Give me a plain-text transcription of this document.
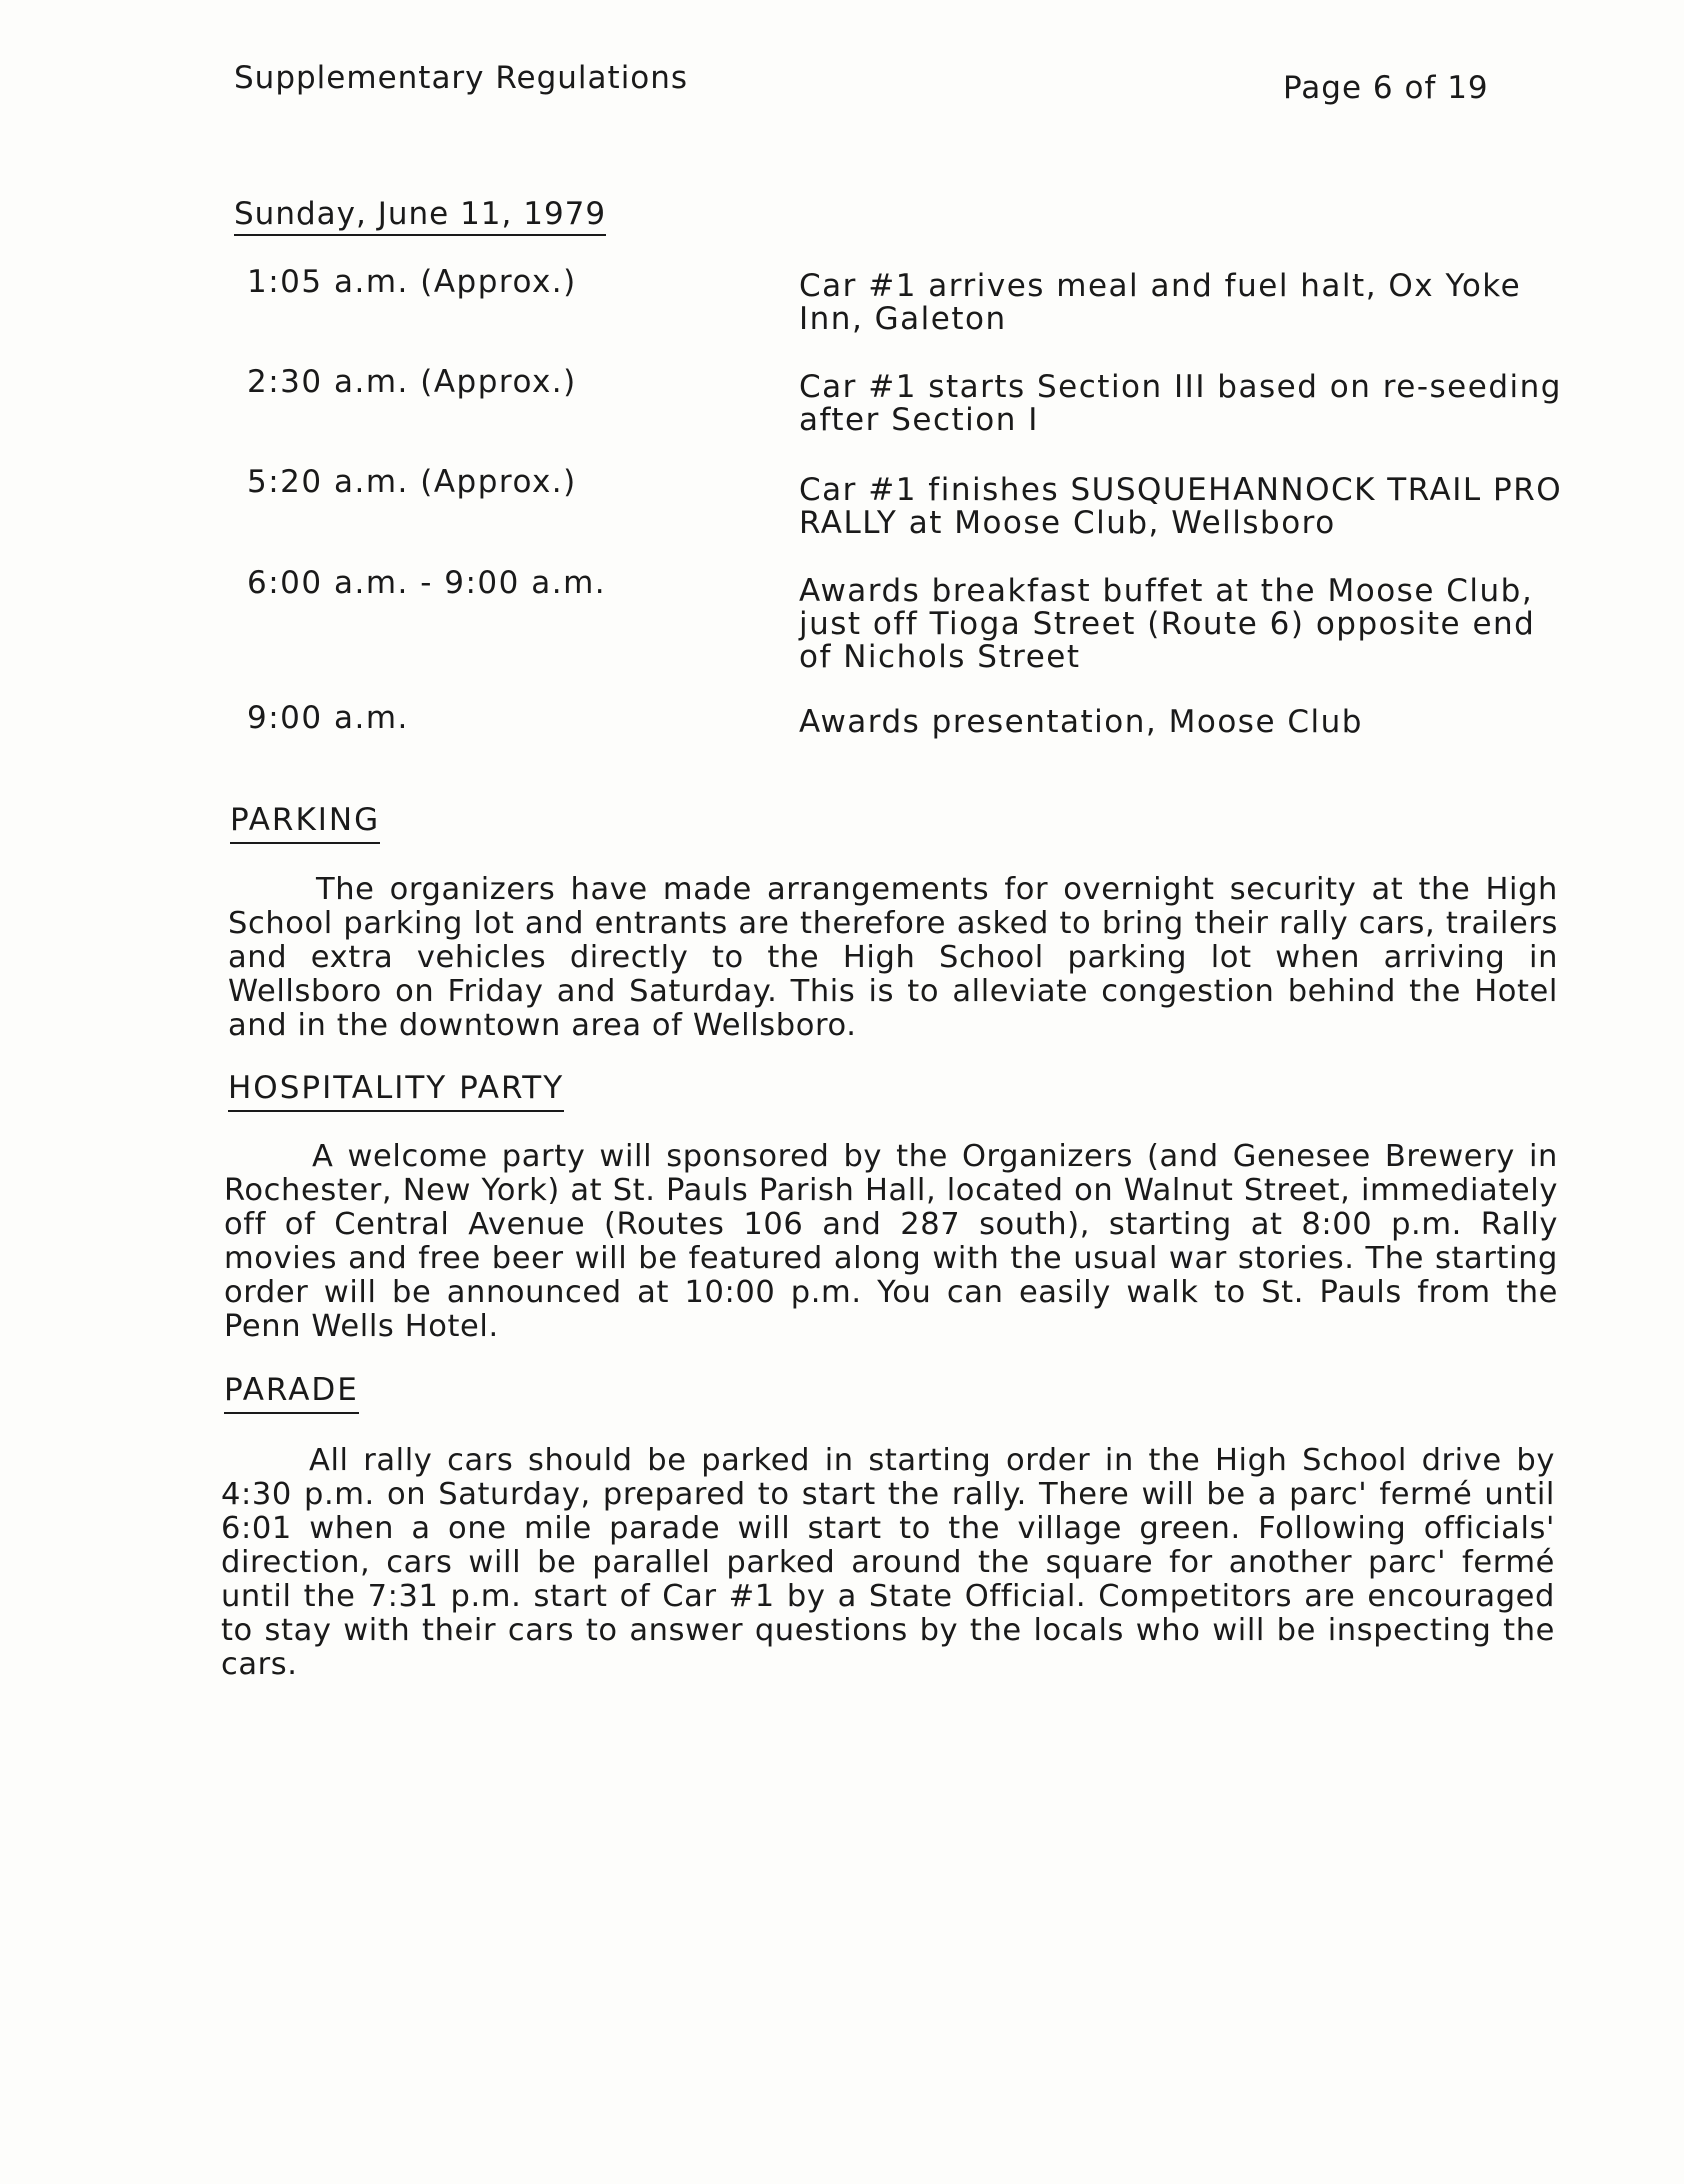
Supplementary Regulations	Page 6 of 19
Sunday, June 11, 1979
1:05 a.m. (Approx.)	Car #1 arrives meal and fuel halt, Ox Yoke Inn, Galeton
2:30 a.m. (Approx.)	Car #1 starts Section III based on re-seeding after Section I
5:20 a.m. (Approx.)	Car #1 finishes SUSQUEHANNOCK TRAIL PRO RALLY at Moose Club, Wellsboro
6:00 a.m. - 9:00 a.m.	Awards breakfast buffet at the Moose Club, just off Tioga Street (Route 6) opposite end of Nichols Street
9:00 a.m.	Awards presentation, Moose Club
PARKING
The organizers have made arrangements for overnight security at the High School parking lot and entrants are therefore asked to bring their rally cars, trailers and extra vehicles directly to the High School parking lot when arriving in Wellsboro on Friday and Saturday. This is to alleviate congestion behind the Hotel and in the downtown area of Wellsboro.
HOSPITALITY PARTY
A welcome party will sponsored by the Organizers (and Genesee Brewery in Rochester, New York) at St. Pauls Parish Hall, located on Walnut Street, immediately off of Central Avenue (Routes 106 and 287 south), starting at 8:00 p.m. Rally movies and free beer will be featured along with the usual war stories. The starting order will be announced at 10:00 p.m. You can easily walk to St. Pauls from the Penn Wells Hotel.
PARADE
All rally cars should be parked in starting order in the High School drive by 4:30 p.m. on Saturday, prepared to start the rally. There will be a parc' fermé until 6:01 when a one mile parade will start to the village green. Following officials' direction, cars will be parallel parked around the square for another parc' fermé until the 7:31 p.m. start of Car #1 by a State Official. Competitors are encouraged to stay with their cars to answer questions by the locals who will be inspecting the cars.
